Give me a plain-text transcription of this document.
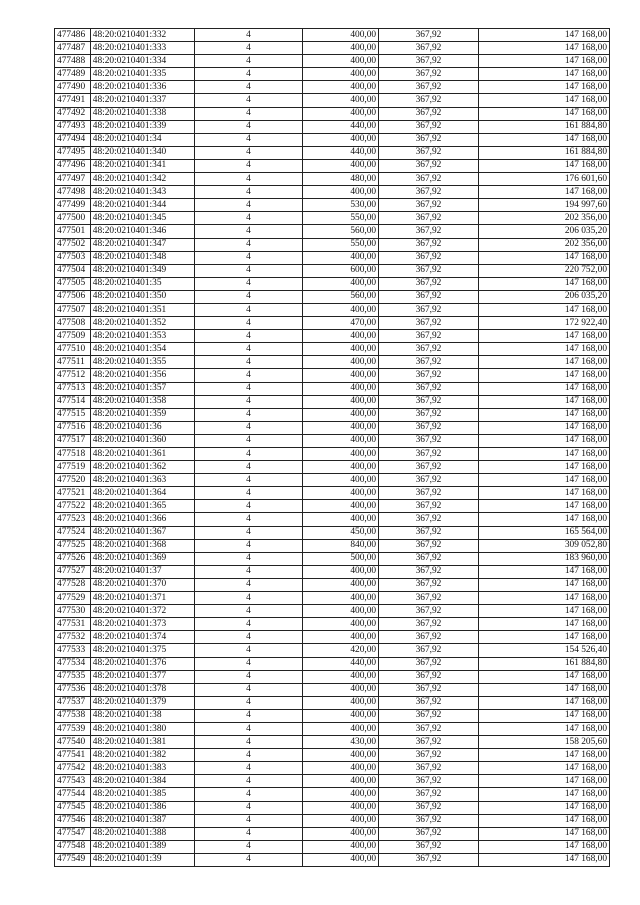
477486	48:20:0210401:332	4	400,00	367,92	147 168,00
477487	48:20:0210401:333	4	400,00	367,92	147 168,00
477488	48:20:0210401:334	4	400,00	367,92	147 168,00
477489	48:20:0210401:335	4	400,00	367,92	147 168,00
477490	48:20:0210401:336	4	400,00	367,92	147 168,00
477491	48:20:0210401:337	4	400,00	367,92	147 168,00
477492	48:20:0210401:338	4	400,00	367,92	147 168,00
477493	48:20:0210401:339	4	440,00	367,92	161 884,80
477494	48:20:0210401:34	4	400,00	367,92	147 168,00
477495	48:20:0210401:340	4	440,00	367,92	161 884,80
477496	48:20:0210401:341	4	400,00	367,92	147 168,00
477497	48:20:0210401:342	4	480,00	367,92	176 601,60
477498	48:20:0210401:343	4	400,00	367,92	147 168,00
477499	48:20:0210401:344	4	530,00	367,92	194 997,60
477500	48:20:0210401:345	4	550,00	367,92	202 356,00
477501	48:20:0210401:346	4	560,00	367,92	206 035,20
477502	48:20:0210401:347	4	550,00	367,92	202 356,00
477503	48:20:0210401:348	4	400,00	367,92	147 168,00
477504	48:20:0210401:349	4	600,00	367,92	220 752,00
477505	48:20:0210401:35	4	400,00	367,92	147 168,00
477506	48:20:0210401:350	4	560,00	367,92	206 035,20
477507	48:20:0210401:351	4	400,00	367,92	147 168,00
477508	48:20:0210401:352	4	470,00	367,92	172 922,40
477509	48:20:0210401:353	4	400,00	367,92	147 168,00
477510	48:20:0210401:354	4	400,00	367,92	147 168,00
477511	48:20:0210401:355	4	400,00	367,92	147 168,00
477512	48:20:0210401:356	4	400,00	367,92	147 168,00
477513	48:20:0210401:357	4	400,00	367,92	147 168,00
477514	48:20:0210401:358	4	400,00	367,92	147 168,00
477515	48:20:0210401:359	4	400,00	367,92	147 168,00
477516	48:20:0210401:36	4	400,00	367,92	147 168,00
477517	48:20:0210401:360	4	400,00	367,92	147 168,00
477518	48:20:0210401:361	4	400,00	367,92	147 168,00
477519	48:20:0210401:362	4	400,00	367,92	147 168,00
477520	48:20:0210401:363	4	400,00	367,92	147 168,00
477521	48:20:0210401:364	4	400,00	367,92	147 168,00
477522	48:20:0210401:365	4	400,00	367,92	147 168,00
477523	48:20:0210401:366	4	400,00	367,92	147 168,00
477524	48:20:0210401:367	4	450,00	367,92	165 564,00
477525	48:20:0210401:368	4	840,00	367,92	309 052,80
477526	48:20:0210401:369	4	500,00	367,92	183 960,00
477527	48:20:0210401:37	4	400,00	367,92	147 168,00
477528	48:20:0210401:370	4	400,00	367,92	147 168,00
477529	48:20:0210401:371	4	400,00	367,92	147 168,00
477530	48:20:0210401:372	4	400,00	367,92	147 168,00
477531	48:20:0210401:373	4	400,00	367,92	147 168,00
477532	48:20:0210401:374	4	400,00	367,92	147 168,00
477533	48:20:0210401:375	4	420,00	367,92	154 526,40
477534	48:20:0210401:376	4	440,00	367,92	161 884,80
477535	48:20:0210401:377	4	400,00	367,92	147 168,00
477536	48:20:0210401:378	4	400,00	367,92	147 168,00
477537	48:20:0210401:379	4	400,00	367,92	147 168,00
477538	48:20:0210401:38	4	400,00	367,92	147 168,00
477539	48:20:0210401:380	4	400,00	367,92	147 168,00
477540	48:20:0210401:381	4	430,00	367,92	158 205,60
477541	48:20:0210401:382	4	400,00	367,92	147 168,00
477542	48:20:0210401:383	4	400,00	367,92	147 168,00
477543	48:20:0210401:384	4	400,00	367,92	147 168,00
477544	48:20:0210401:385	4	400,00	367,92	147 168,00
477545	48:20:0210401:386	4	400,00	367,92	147 168,00
477546	48:20:0210401:387	4	400,00	367,92	147 168,00
477547	48:20:0210401:388	4	400,00	367,92	147 168,00
477548	48:20:0210401:389	4	400,00	367,92	147 168,00
477549	48:20:0210401:39	4	400,00	367,92	147 168,00
